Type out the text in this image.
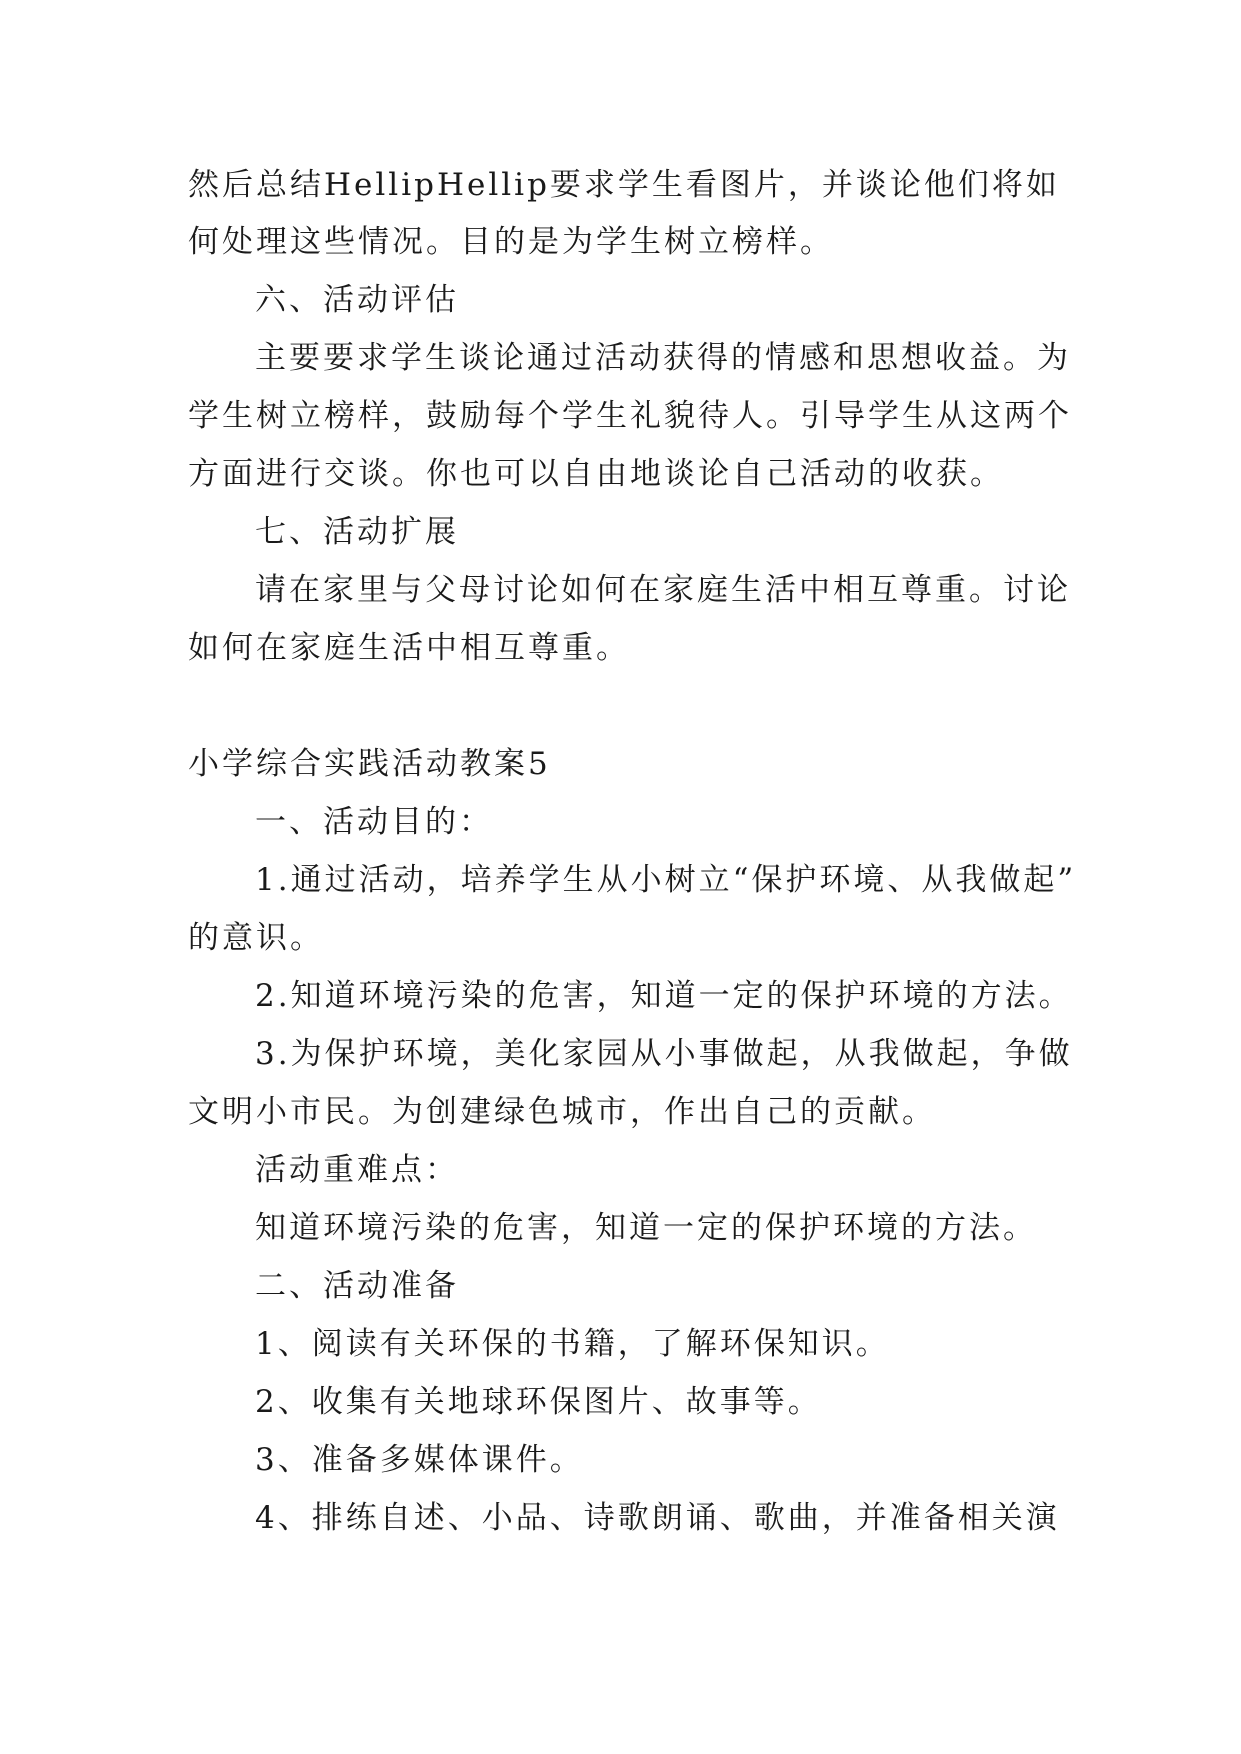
然后总结HellipHellip要求学生看图片，并谈论他们将如
何处理这些情况。目的是为学生树立榜样。
六、活动评估
主要要求学生谈论通过活动获得的情感和思想收益。为
学生树立榜样，鼓励每个学生礼貌待人。引导学生从这两个
方面进行交谈。你也可以自由地谈论自己活动的收获。
七、活动扩展
请在家里与父母讨论如何在家庭生活中相互尊重。讨论
如何在家庭生活中相互尊重。
小学综合实践活动教案5
一、活动目的：
1.通过活动，培养学生从小树立“保护环境、从我做起”
的意识。
2.知道环境污染的危害，知道一定的保护环境的方法。
3.为保护环境，美化家园从小事做起，从我做起，争做
文明小市民。为创建绿色城市，作出自己的贡献。
活动重难点：
知道环境污染的危害，知道一定的保护环境的方法。
二、活动准备
1、阅读有关环保的书籍，了解环保知识。
2、收集有关地球环保图片、故事等。
3、准备多媒体课件。
4、排练自述、小品、诗歌朗诵、歌曲，并准备相关演
